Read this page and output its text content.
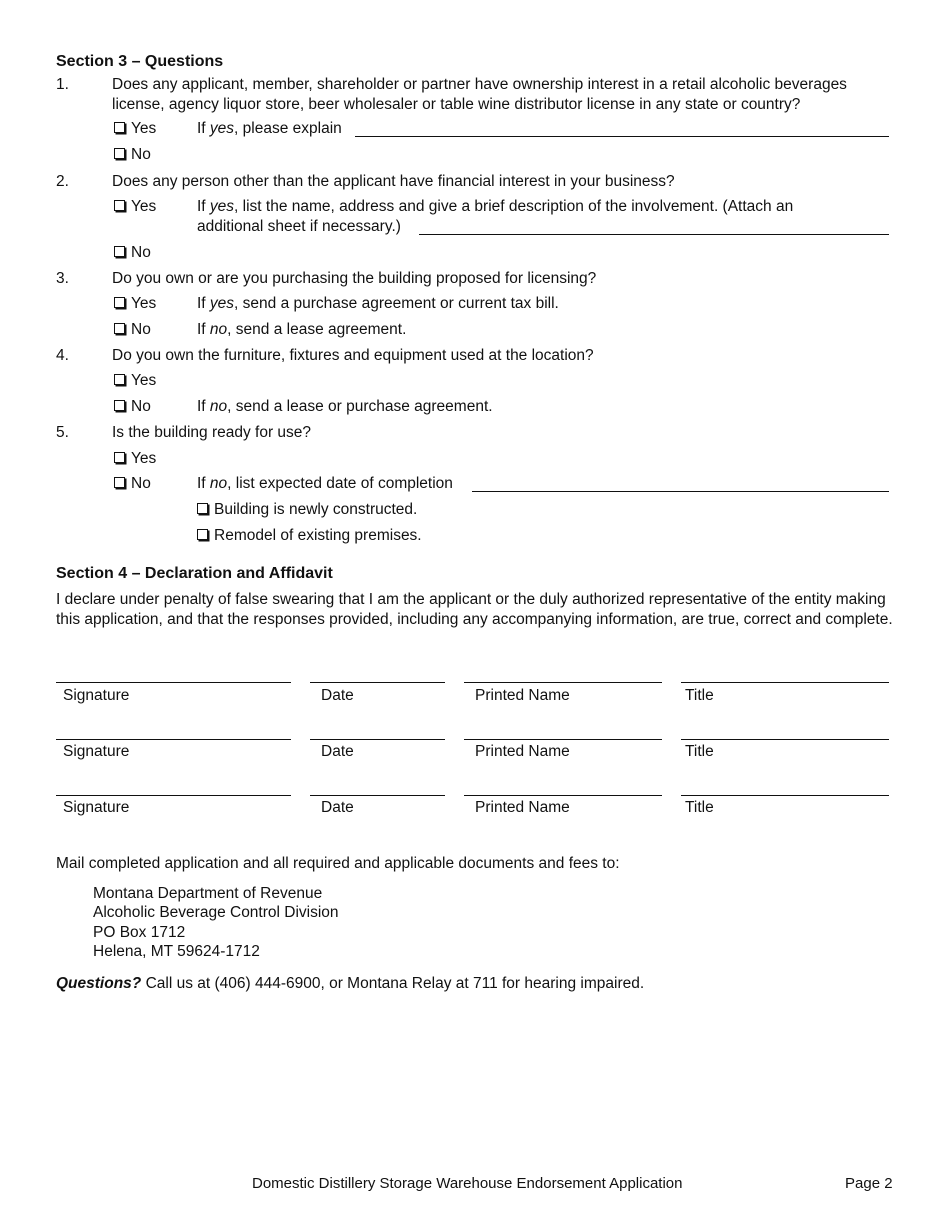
Section 3 – Questions
1.	Does any applicant, member, shareholder or partner have ownership interest in a retail alcoholic beverages license, agency liquor store, beer wholesaler or table wine distributor license in any state or country?
Yes	If yes, please explain
No
2.	Does any person other than the applicant have financial interest in your business?
Yes	If yes, list the name, address and give a brief description of the involvement. (Attach an
additional sheet if necessary.)
No
3.	Do you own or are you purchasing the building proposed for licensing?
Yes	If yes, send a purchase agreement or current tax bill.
No	If no, send a lease agreement.
4.	Do you own the furniture, fixtures and equipment used at the location?
Yes
No	If no, send a lease or purchase agreement.
5.	Is the building ready for use?
Yes
No	If no, list expected date of completion
Building is newly constructed.
Remodel of existing premises.
Section 4 – Declaration and Affidavit
I declare under penalty of false swearing that I am the applicant or the duly authorized representative of the entity making this application, and that the responses provided, including any accompanying information, are true, correct and complete.
Signature	Date	Printed Name	Title
Signature	Date	Printed Name	Title
Signature	Date	Printed Name	Title
Mail completed application and all required and applicable documents and fees to:
Montana Department of Revenue
Alcoholic Beverage Control Division
PO Box 1712
Helena, MT 59624-1712
Questions? Call us at (406) 444-6900, or Montana Relay at 711 for hearing impaired.
Domestic Distillery Storage Warehouse Endorsement Application	Page 2
